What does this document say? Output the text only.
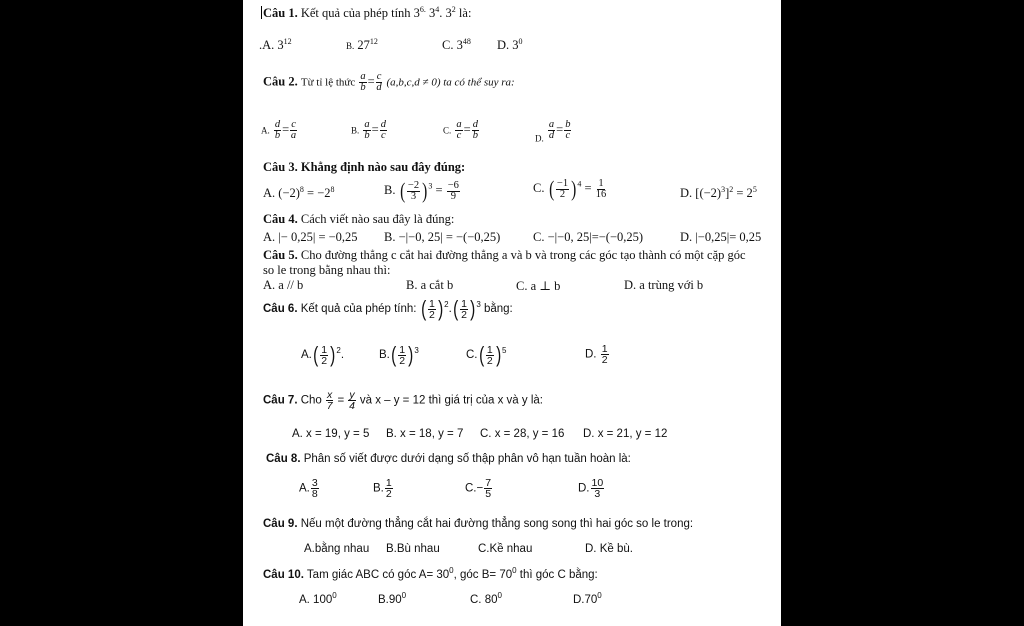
Câu 1. Kết quả của phép tính $3^{6.}$ $3^4$. $3^2$ là:
.A. $3^{12}$	B. $27^{12}$	C. $3^{48}$ D. $3^0$
Câu 2. Từ tỉ lệ thức $\frac{a}{b} = \frac{c}{d} (a,b,c,d \ne 0)$ ta có thể suy ra:
A. $\frac{d}{b} = \frac{c}{a}$	B. $\frac{a}{b} = \frac{d}{c}$	C. $\frac{a}{c} = \frac{d}{b}$	$_{D.} \frac{a}{d} = \frac{b}{c}$
Câu 3. Khẳng định nào sau đây đúng:
A. $(-2)^8 = -2^8$	B. ( $\frac{-2}{3}$ ) $^3 = \frac{-6}{9}$	C. ( $\frac{-1}{2}$ ) $^4 = \frac{1}{16}$	D. $[(-2)^3]^2 = 2^5$
Câu 4. Cách viết nào sau đây là đúng:
A. |− 0,25| = −0,25 B. −|−0, 25| = −(−0,25)	C. −|−0, 25|=−(−0,25)	D. |−0,25|= 0,25
Câu 5. Cho đường thẳng c cắt hai đường thẳng a và b và trong các góc tạo thành có một cặp góc
so le trong bằng nhau thì:
A. a // b	B. a cắt b	C. a ⊥ b	D. a trùng với b
Câu 6. Kết quả của phép tính: ( $\frac{1}{2}$ ) $^2$. ( $\frac{1}{2}$ ) $^3$ bằng:
A. ( $\frac{1}{2}$ ) $^2$.	B. ( $\frac{1}{2}$ ) $^3$	C. ( $\frac{1}{2}$ ) $^5$	D. $\frac{1}{2}$
Câu 7. Cho $\frac{x}{7} = \frac{y}{4}$ và x – y = 12 thì giá trị của x và y là:
A. x = 19, y = 5 B. x = 18, y = 7 C. x = 28, y = 16 D. x = 21, y = 12
Câu 8. Phân số viết được dưới dạng số thập phân vô hạn tuần hoàn là:
A. $\frac{3}{8}$	B. $\frac{1}{2}$	$C.- \frac{7}{5}$	D. $\frac{10}{3}$
Câu 9. Nếu một đường thẳng cắt hai đường thẳng song song thì hai góc so le trong:
A.bằng nhau B.Bù nhau	C.Kề nhau	D. Kề bù.
Câu 10. Tam giác ABC có góc $A= 30^0$, góc $B= 70^0$ thì góc C bằng:
A. $100^0$	$B.90^0$	C. $80^0$	$D.70^0$
